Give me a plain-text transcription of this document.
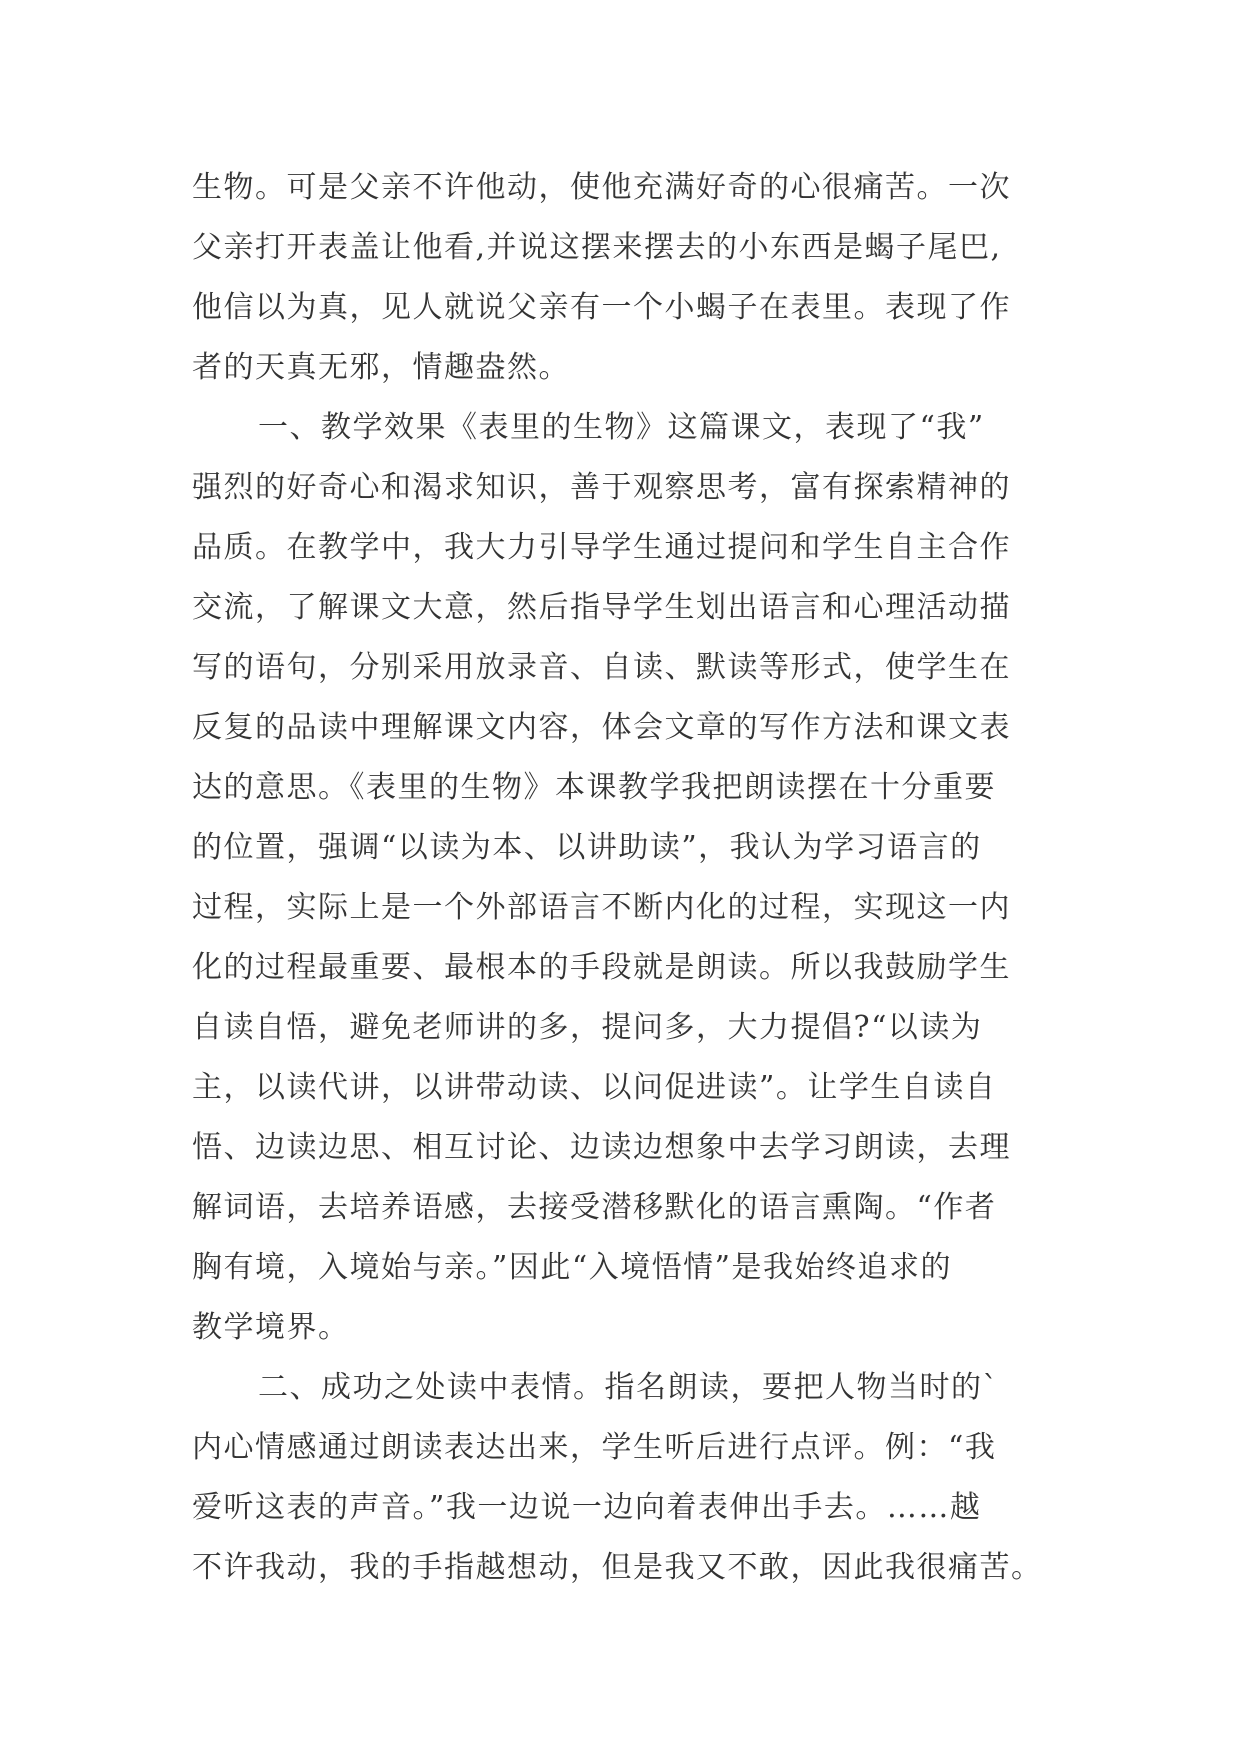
生物。可是父亲不许他动，使他充满好奇的心很痛苦。一次
父亲打开表盖让他看,并说这摆来摆去的小东西是蝎子尾巴,
他信以为真，见人就说父亲有一个小蝎子在表里。表现了作
者的天真无邪，情趣盎然。
一、教学效果《表里的生物》这篇课文，表现了“我”
强烈的好奇心和渴求知识，善于观察思考，富有探索精神的
品质。在教学中，我大力引导学生通过提问和学生自主合作
交流，了解课文大意，然后指导学生划出语言和心理活动描
写的语句，分别采用放录音、自读、默读等形式，使学生在
反复的品读中理解课文内容，体会文章的写作方法和课文表
达的意思。《表里的生物》本课教学我把朗读摆在十分重要
的位置，强调“以读为本、以讲助读”，我认为学习语言的
过程，实际上是一个外部语言不断内化的过程，实现这一内
化的过程最重要、最根本的手段就是朗读。所以我鼓励学生
自读自悟，避免老师讲的多，提问多，大力提倡?“以读为
主，以读代讲，以讲带动读、以问促进读”。让学生自读自
悟、边读边思、相互讨论、边读边想象中去学习朗读，去理
解词语，去培养语感，去接受潜移默化的语言熏陶。“作者
胸有境，入境始与亲。”因此“入境悟情”是我始终追求的
教学境界。
二、成功之处读中表情。指名朗读，要把人物当时的`
内心情感通过朗读表达出来，学生听后进行点评。例：“我
爱听这表的声音。”我一边说一边向着表伸出手去。……越
不许我动，我的手指越想动，但是我又不敢，因此我很痛苦。
